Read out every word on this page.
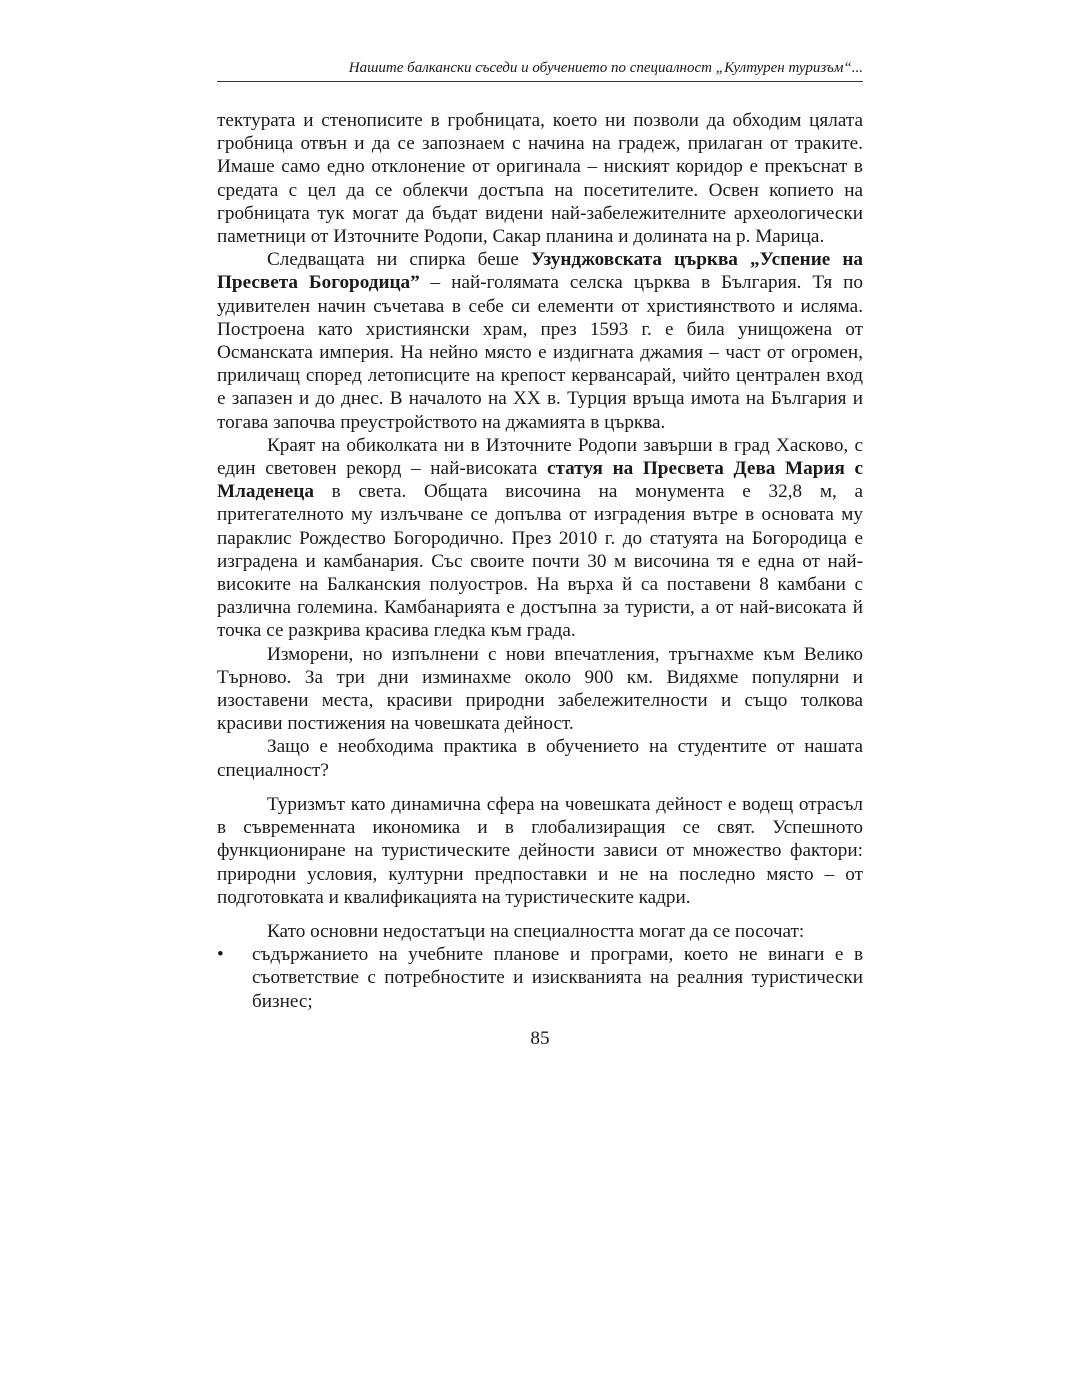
Нашите балкански съседи и обучението по специалност „Културен туризъм“...

тектурата и стенописите в гробницата, което ни позволи да обходим цялата гробница отвън и да се запознаем с начина на градеж, прилаган от траките. Имаше само едно отклонение от оригинала – ниският коридор е прекъснат в средата с цел да се облекчи достъпа на посетителите. Освен копието на гробницата тук могат да бъдат видени най-забележителните археологически паметници от Източните Родопи, Сакар планина и долината на р. Марица.

Следващата ни спирка беше Узунджовската църква „Успение на Пресвета Богородица” – най-голямата селска църква в България. Тя по удивителен начин съчетава в себе си елементи от християнството и исляма. Построена като християнски храм, през 1593 г. е била унищожена от Османската империя. На нейно място е издигната джамия – част от огромен, приличащ според летописците на крепост кервансарай, чийто централен вход е запазен и до днес. В началото на XX в. Турция връща имота на България и тогава започва преустройството на джамията в църква.

Краят на обиколката ни в Източните Родопи завърши в град Хасково, с един световен рекорд – най-високата статуя на Пресвета Дева Мария с Младенеца в света. Общата височина на монумента е 32,8 м, а притегателното му излъчване се допълва от изградения вътре в основата му параклис Рождество Богородично. През 2010 г. до статуята на Богородица е изградена и камбанария. Със своите почти 30 м височина тя е една от най-високите на Балканския полуостров. На върха й са поставени 8 камбани с различна големина. Камбанарията е достъпна за туристи, а от най-високата й точка се разкрива красива гледка към града.

Изморени, но изпълнени с нови впечатления, тръгнахме към Велико Търново. За три дни изминахме около 900 км. Видяхме популярни и изоставени места, красиви природни забележителности и също толкова красиви постижения на човешката дейност.

Защо е необходима практика в обучението на студентите от нашата специалност?

Туризмът като динамична сфера на човешката дейност е водещ отрасъл в съвременната икономика и в глобализиращия се свят. Успешното функциониране на туристическите дейности зависи от множество фактори: природни условия, културни предпоставки и не на последно място – от подготовката и квалификацията на туристическите кадри.

Като основни недостатъци на специалността могат да се посочат:

•	съдържанието на учебните планове и програми, което не винаги е в съответствие с потребностите и изискванията на реалния туристически бизнес;
85
